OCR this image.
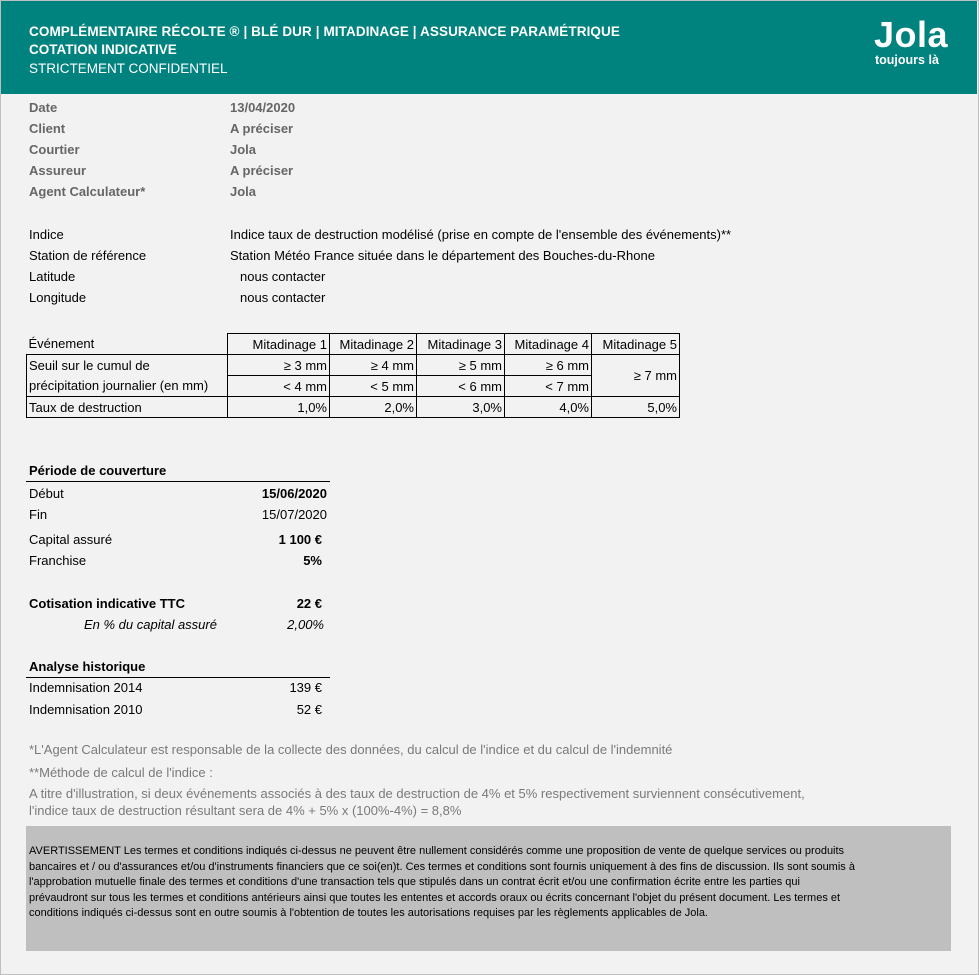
COMPLÉMENTAIRE RÉCOLTE ® | BLÉ DUR | MITADINAGE | ASSURANCE PARAMÉTRIQUE
COTATION INDICATIVE
STRICTEMENT CONFIDENTIEL
Jola
toujours là
Date	13/04/2020
Client	A préciser
Courtier	Jola
Assureur	A préciser
Agent Calculateur*	Jola
Indice	Indice taux de destruction modélisé (prise en compte de l'ensemble des événements)**
Station de référence	Station Météo France située dans le département des Bouches-du-Rhone
Latitude	nous contacter
Longitude	nous contacter
Événement	Mitadinage 1	Mitadinage 2	Mitadinage 3	Mitadinage 4	Mitadinage 5
Seuil sur le cumul de	≥ 3 mm	≥ 4 mm	≥ 5 mm	≥ 6 mm	≥ 7 mm
précipitation journalier (en mm)	< 4 mm	< 5 mm	< 6 mm	< 7 mm	
Taux de destruction	1,0%	2,0%	3,0%	4,0%	5,0%
Période de couverture
Début	15/06/2020
Fin	15/07/2020
Capital assuré	1 100 €
Franchise	5%
Cotisation indicative TTC	22 €
En % du capital assuré	2,00%
Analyse historique
Indemnisation 2014	139 €
Indemnisation 2010	52 €
*L'Agent Calculateur est responsable de la collecte des données, du calcul de l'indice et du calcul de l'indemnité
**Méthode de calcul de l'indice :
A titre d'illustration, si deux événements associés à des taux de destruction de 4% et 5% respectivement surviennent consécutivement,
l'indice taux de destruction résultant sera de 4% + 5% x (100%-4%) = 8,8%
AVERTISSEMENT Les termes et conditions indiqués ci-dessus ne peuvent être nullement considérés comme une proposition de vente de quelque services ou produits bancaires et / ou d'assurances et/ou d'instruments financiers que ce soi(en)t. Ces termes et conditions sont fournis uniquement à des fins de discussion. Ils sont soumis à l'approbation mutuelle finale des termes et conditions d'une transaction tels que stipulés dans un contrat écrit et/ou une confirmation écrite entre les parties qui prévaudront sur tous les termes et conditions antérieurs ainsi que toutes les ententes et accords oraux ou écrits concernant l'objet du présent document. Les termes et conditions indiqués ci-dessus sont en outre soumis à l'obtention de toutes les autorisations requises par les règlements applicables de Jola.
